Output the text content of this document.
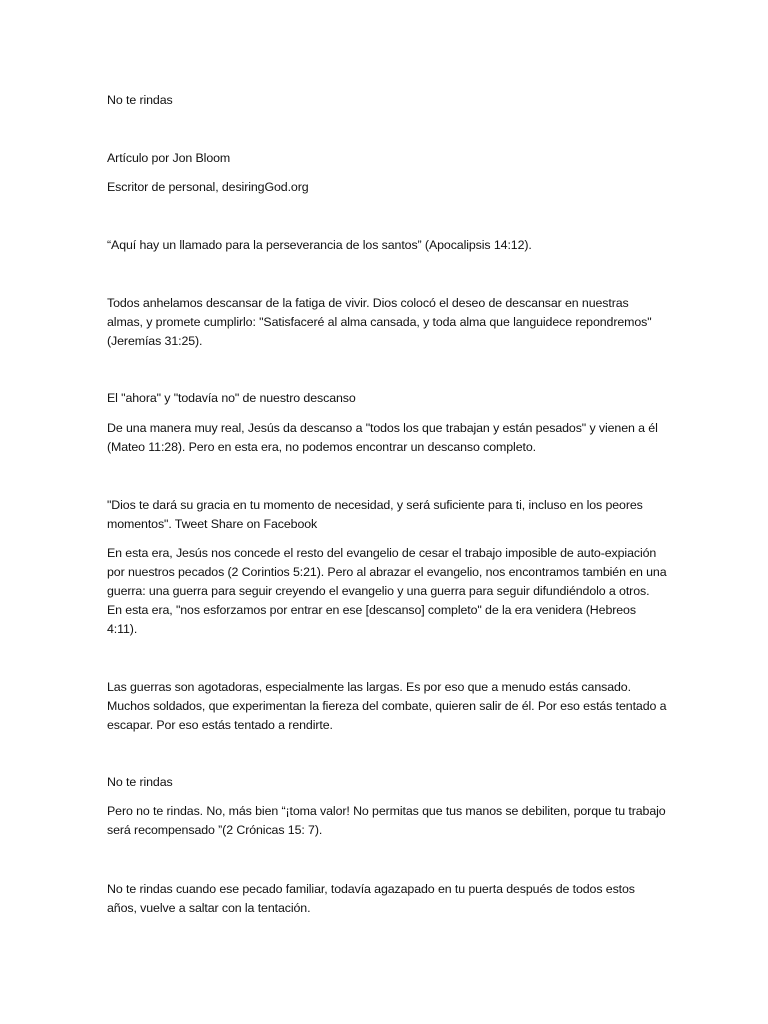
No te rindas

Artículo por Jon Bloom

Escritor de personal, desiringGod.org

“Aquí hay un llamado para la perseverancia de los santos” (Apocalipsis 14:12).

Todos anhelamos descansar de la fatiga de vivir. Dios colocó el deseo de descansar en nuestras almas, y promete cumplirlo: "Satisfaceré al alma cansada, y toda alma que languidece repondremos" (Jeremías 31:25).

El "ahora" y "todavía no" de nuestro descanso

De una manera muy real, Jesús da descanso a "todos los que trabajan y están pesados" y vienen a él (Mateo 11:28). Pero en esta era, no podemos encontrar un descanso completo.

"Dios te dará su gracia en tu momento de necesidad, y será suficiente para ti, incluso en los peores momentos". Tweet Share on Facebook

En esta era, Jesús nos concede el resto del evangelio de cesar el trabajo imposible de auto-expiación por nuestros pecados (2 Corintios 5:21). Pero al abrazar el evangelio, nos encontramos también en una guerra: una guerra para seguir creyendo el evangelio y una guerra para seguir difundiéndolo a otros. En esta era, "nos esforzamos por entrar en ese [descanso] completo" de la era venidera (Hebreos 4:11).

Las guerras son agotadoras, especialmente las largas. Es por eso que a menudo estás cansado. Muchos soldados, que experimentan la fiereza del combate, quieren salir de él. Por eso estás tentado a escapar. Por eso estás tentado a rendirte.

No te rindas

Pero no te rindas. No, más bien “¡toma valor! No permitas que tus manos se debiliten, porque tu trabajo será recompensado ”(2 Crónicas 15: 7).

No te rindas cuando ese pecado familiar, todavía agazapado en tu puerta después de todos estos años, vuelve a saltar con la tentación.
